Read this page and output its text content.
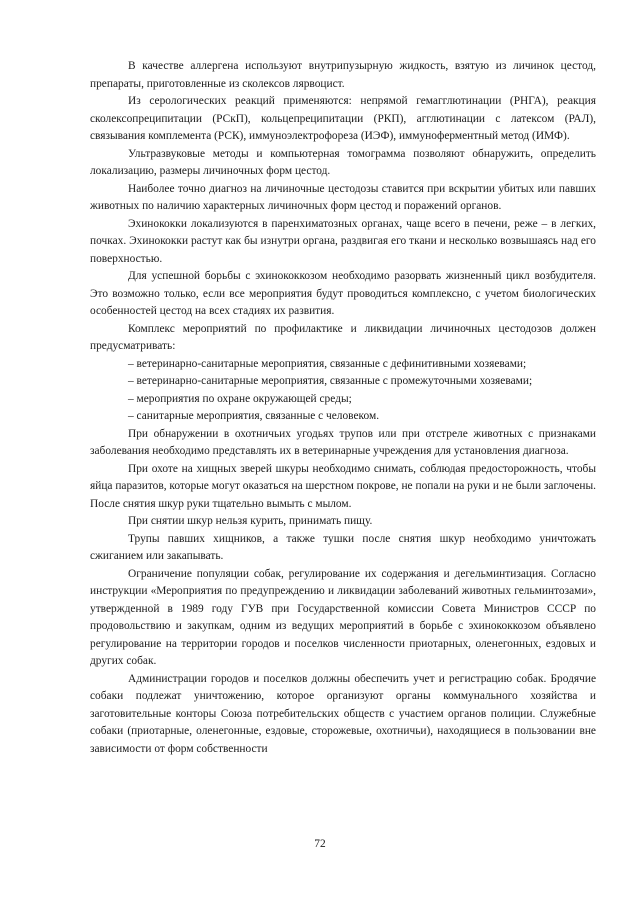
В качестве аллергена используют внутрипузырную жидкость, взятую из личинок цестод, препараты, приготовленные из сколексов лярвоцист.

Из серологических реакций применяются: непрямой гемагглютинации (РНГА), реакция сколексопреципитации (РСкП), кольцепреципитации (РКП), агглютинации с латексом (РАЛ), связывания комплемента (РСК), иммуноэлектрофореза (ИЭФ), иммуноферментный метод (ИМФ).

Ультразвуковые методы и компьютерная томограмма позволяют обнаружить, определить локализацию, размеры личиночных форм цестод.

Наиболее точно диагноз на личиночные цестодозы ставится при вскрытии убитых или павших животных по наличию характерных личиночных форм цестод и поражений органов.

Эхинококки локализуются в паренхиматозных органах, чаще всего в печени, реже – в легких, почках. Эхинококки растут как бы изнутри органа, раздвигая его ткани и несколько возвышаясь над его поверхностью.

Для успешной борьбы с эхинококкозом необходимо разорвать жизненный цикл возбудителя. Это возможно только, если все мероприятия будут проводиться комплексно, с учетом биологических особенностей цестод на всех стадиях их развития.

Комплекс мероприятий по профилактике и ликвидации личиночных цестодозов должен предусматривать:

– ветеринарно-санитарные мероприятия, связанные с дефинитивными хозяевами;

– ветеринарно-санитарные мероприятия, связанные с промежуточными хозяевами;

– мероприятия по охране окружающей среды;

– санитарные мероприятия, связанные с человеком.

При обнаружении в охотничьих угодьях трупов или при отстреле животных с признаками заболевания необходимо представлять их в ветеринарные учреждения для установления диагноза.

При охоте на хищных зверей шкуры необходимо снимать, соблюдая предосторожность, чтобы яйца паразитов, которые могут оказаться на шерстном покрове, не попали на руки и не были заглочены. После снятия шкур руки тщательно вымыть с мылом.

При снятии шкур нельзя курить, принимать пищу.

Трупы павших хищников, а также тушки после снятия шкур необходимо уничтожать сжиганием или закапывать.

Ограничение популяции собак, регулирование их содержания и дегельминтизация. Согласно инструкции «Мероприятия по предупреждению и ликвидации заболеваний животных гельминтозами», утвержденной в 1989 году ГУВ при Государственной комиссии Совета Министров СССР по продовольствию и закупкам, одним из ведущих мероприятий в борьбе с эхинококкозом объявлено регулирование на территории городов и поселков численности приотарных, оленегонных, ездовых и других собак.

Администрации городов и поселков должны обеспечить учет и регистрацию собак. Бродячие собаки подлежат уничтожению, которое организуют органы коммунального хозяйства и заготовительные конторы Союза потребительских обществ с участием органов полиции. Служебные собаки (приотарные, оленегонные, ездовые, сторожевые, охотничьи), находящиеся в пользовании вне зависимости от форм собственности

72
